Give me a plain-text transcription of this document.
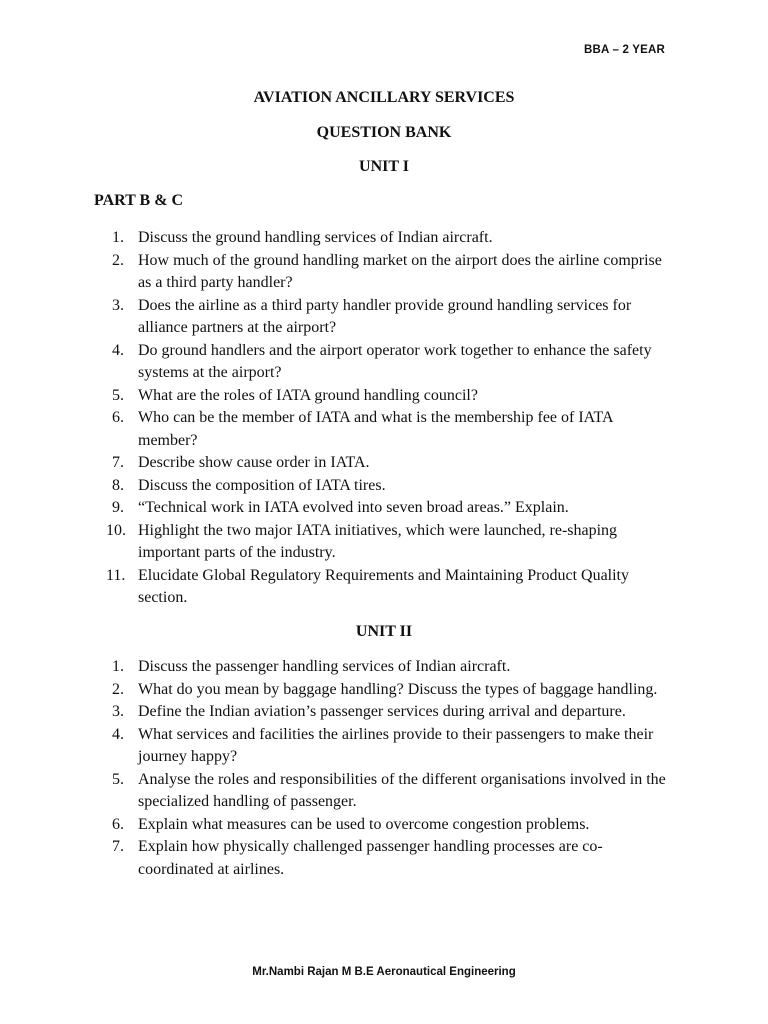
BBA – 2 YEAR
AVIATION ANCILLARY SERVICES
QUESTION BANK
UNIT I
PART B & C
1. Discuss the ground handling services of Indian aircraft.
2. How much of the ground handling market on the airport does the airline comprise as a third party handler?
3. Does the airline as a third party handler provide ground handling services for alliance partners at the airport?
4. Do ground handlers and the airport operator work together to enhance the safety systems at the airport?
5. What are the roles of IATA ground handling council?
6. Who can be the member of IATA and what is the membership fee of IATA member?
7. Describe show cause order in IATA.
8. Discuss the composition of IATA tires.
9. “Technical work in IATA evolved into seven broad areas.” Explain.
10. Highlight the two major IATA initiatives, which were launched, re-shaping important parts of the industry.
11. Elucidate Global Regulatory Requirements and Maintaining Product Quality section.
UNIT II
1. Discuss the passenger handling services of Indian aircraft.
2. What do you mean by baggage handling? Discuss the types of baggage handling.
3. Define the Indian aviation’s passenger services during arrival and departure.
4. What services and facilities the airlines provide to their passengers to make their journey happy?
5. Analyse the roles and responsibilities of the different organisations involved in the specialized handling of passenger.
6. Explain what measures can be used to overcome congestion problems.
7. Explain how physically challenged passenger handling processes are co-coordinated at airlines.
Mr.Nambi Rajan M B.E Aeronautical Engineering
